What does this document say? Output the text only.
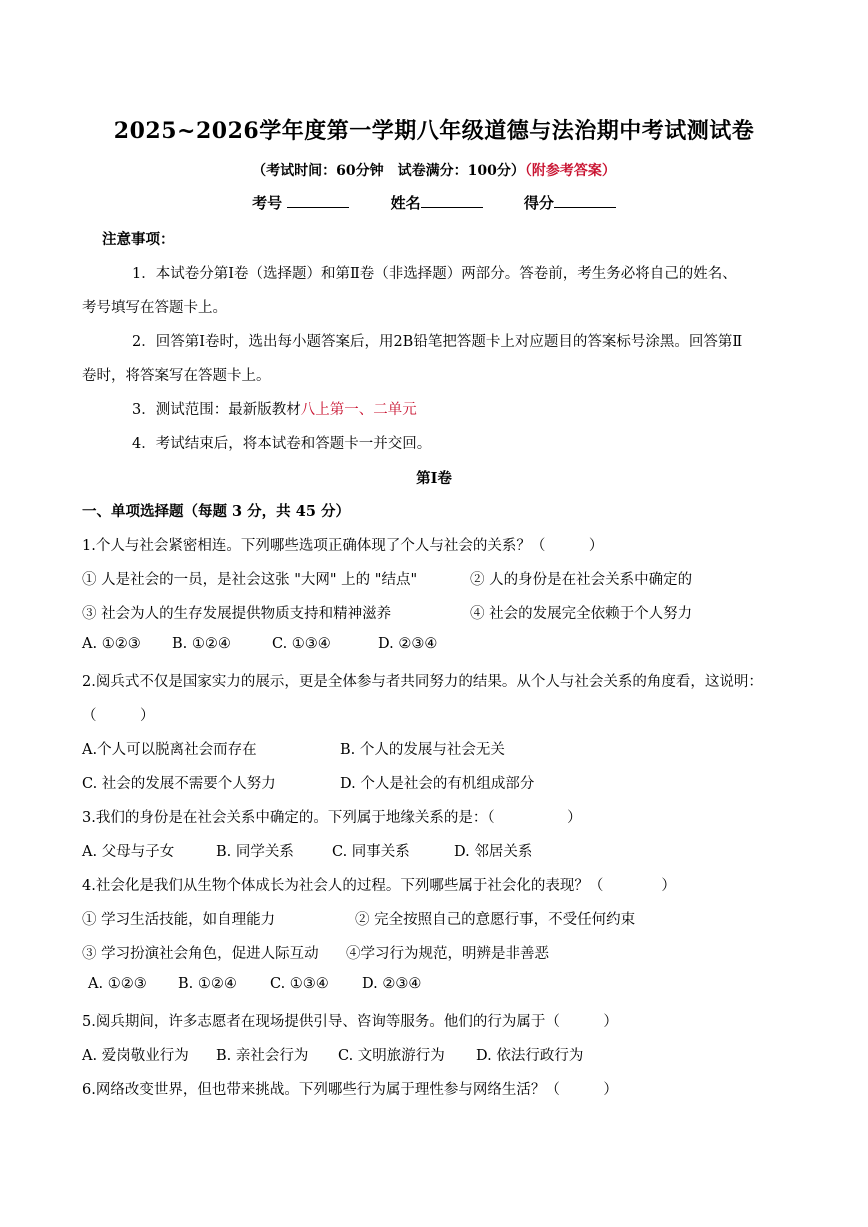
2025~2026学年度第一学期八年级道德与法治期中考试测试卷
（考试时间：60分钟　试卷满分：100分）（附参考答案）
考号	姓名	得分
注意事项：
1．本试卷分第Ⅰ卷（选择题）和第Ⅱ卷（非选择题）两部分。答卷前，考生务必将自己的姓名、
考号填写在答题卡上。
2．回答第Ⅰ卷时，选出每小题答案后，用2B铅笔把答题卡上对应题目的答案标号涂黑。回答第Ⅱ
卷时，将答案写在答题卡上。
3．测试范围：最新版教材八上第一、二单元
4．考试结束后，将本试卷和答题卡一并交回。
第Ⅰ卷
一、单项选择题（每题 3 分，共 45 分）
1.个人与社会紧密相连。下列哪些选项正确体现了个人与社会的关系？（　　　）
① 人是社会的一员，是社会这张 "大网" 上的 "结点"	② 人的身份是在社会关系中确定的
③ 社会为人的生存发展提供物质支持和精神滋养	④ 社会的发展完全依赖于个人努力
A. ①②③ B. ①②④	C. ①③④	D. ②③④
2.阅兵式不仅是国家实力的展示，更是全体参与者共同努力的结果。从个人与社会关系的角度看，这说明：
（　　　）
A.个人可以脱离社会而存在	B. 个人的发展与社会无关
C. 社会的发展不需要个人努力	D. 个人是社会的有机组成部分
3.我们的身份是在社会关系中确定的。下列属于地缘关系的是：（　　　　　）
A. 父母与子女	B. 同学关系	C. 同事关系	D. 邻居关系
4.社会化是我们从生物个体成长为社会人的过程。下列哪些属于社会化的表现？（　　　　）
① 学习生活技能，如自理能力	② 完全按照自己的意愿行事，不受任何约束
③ 学习扮演社会角色，促进人际互动 ④学习行为规范，明辨是非善恶
A. ①②③ B. ①②④ C. ①③④ D. ②③④
5.阅兵期间，许多志愿者在现场提供引导、咨询等服务。他们的行为属于（　　　）
A. 爱岗敬业行为 B. 亲社会行为 C. 文明旅游行为 D. 依法行政行为
6.网络改变世界，但也带来挑战。下列哪些行为属于理性参与网络生活？（　　　）
